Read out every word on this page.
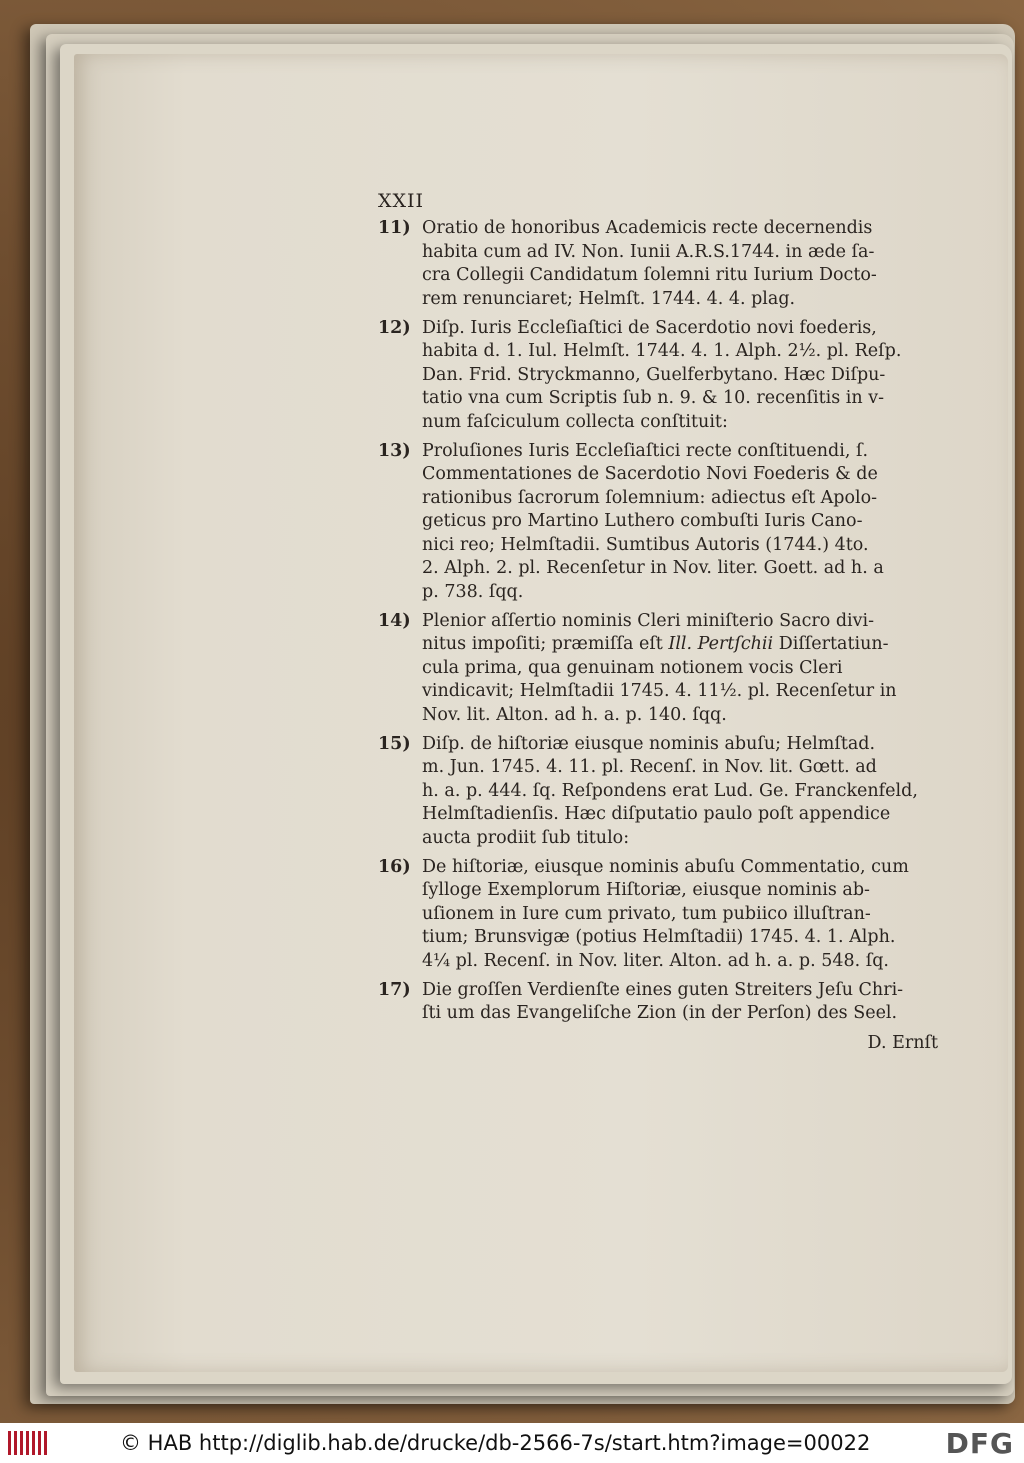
XXII
11) Oratio de honoribus Academicis recte decernendis
habita cum ad IV. Non. Iunii A.R.S.1744. in æde ſa-
cra Collegii Candidatum ſolemni ritu Iurium Docto-
rem renunciaret; Helmſt. 1744. 4. 4. plag.
12) Diſp. Iuris Eccleſiaſtici de Sacerdotio novi foederis,
habita d. 1. Iul. Helmſt. 1744. 4. 1. Alph. 2½. pl. Reſp.
Dan. Frid. Stryckmanno, Guelferbytano. Hæc Diſpu-
tatio vna cum Scriptis ſub n. 9. & 10. recenſitis in v-
num faſciculum collecta conſtituit:
13) Proluſiones Iuris Eccleſiaſtici recte conſtituendi, ſ.
Commentationes de Sacerdotio Novi Foederis & de
rationibus ſacrorum ſolemnium: adiectus eſt Apolo-
geticus pro Martino Luthero combuſti Iuris Cano-
nici reo; Helmſtadii. Sumtibus Autoris (1744.) 4to.
2. Alph. 2. pl. Recenſetur in Nov. liter. Goett. ad h. a
p. 738. ſqq.
14) Plenior aſſertio nominis Cleri miniſterio Sacro divi-
nitus impoſiti; præmiſſa eſt Ill. Pertſchii Diſſertatiun-
cula prima, qua genuinam notionem vocis Cleri
vindicavit; Helmſtadii 1745. 4. 11½. pl. Recenſetur in
Nov. lit. Alton. ad h. a. p. 140. ſqq.
15) Diſp. de hiſtoriæ eiusque nominis abuſu; Helmſtad.
m. Jun. 1745. 4. 11. pl. Recenſ. in Nov. lit. Gœtt. ad
h. a. p. 444. ſq. Reſpondens erat Lud. Ge. Franckenfeld,
Helmſtadienſis. Hæc diſputatio paulo poſt appendice
aucta prodiit ſub titulo:
16) De hiſtoriæ, eiusque nominis abuſu Commentatio, cum
ſylloge Exemplorum Hiſtoriæ, eiusque nominis ab-
uſionem in Iure cum privato, tum pubiico illuſtran-
tium; Brunsvigæ (potius Helmſtadii) 1745. 4. 1. Alph.
4¼ pl. Recenſ. in Nov. liter. Alton. ad h. a. p. 548. ſq.
17) Die groſſen Verdienſte eines guten Streiters Jeſu Chri-
ſti um das Evangeliſche Zion (in der Perſon) des Seel.
D. Ernſt
© HAB http://diglib.hab.de/drucke/db-2566-7s/start.htm?image=00022	DFG
